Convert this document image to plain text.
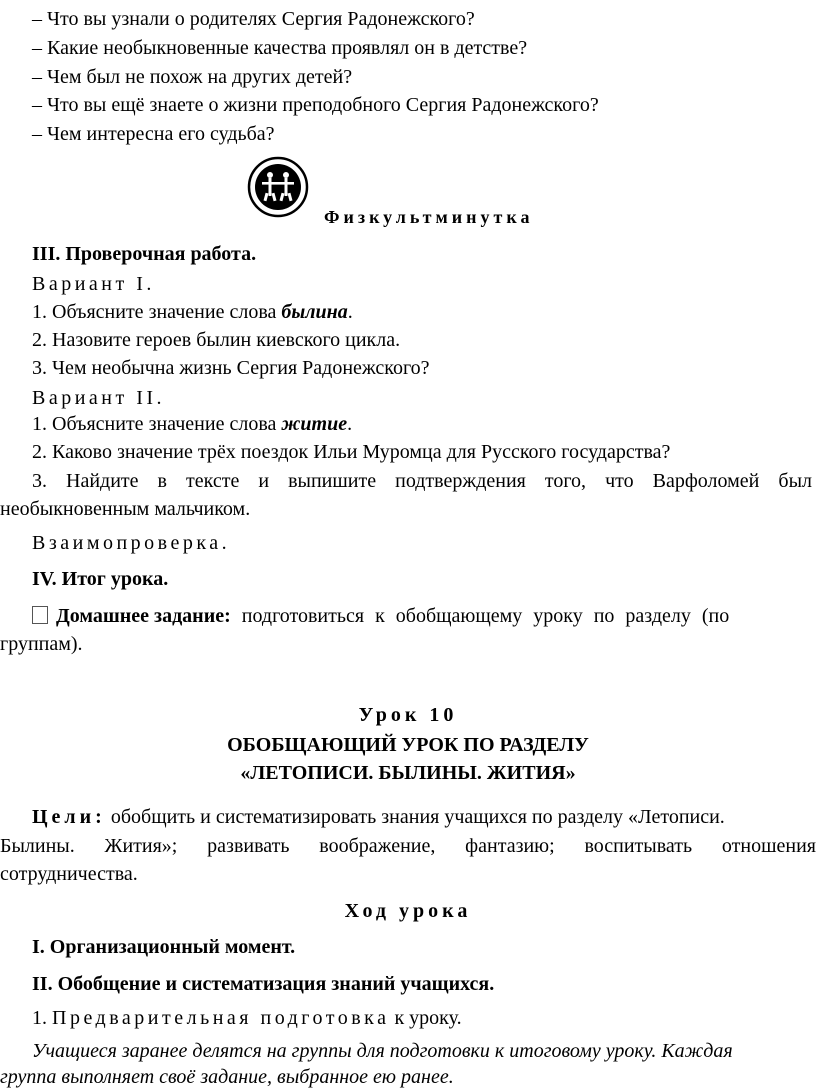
– Что вы узнали о родителях Сергия Радонежского?
– Какие необыкновенные качества проявлял он в детстве?
– Чем был не похож на других детей?
– Что вы ещё знаете о жизни преподобного Сергия Радонежского?
– Чем интересна его судьба?
Физкультминутка
III. Проверочная работа.
Вариант I.
1. Объясните значение слова былина.
2. Назовите героев былин киевского цикла.
3. Чем необычна жизнь Сергия Радонежского?
Вариант II.
1. Объясните значение слова житие.
2. Каково значение трёх поездок Ильи Муромца для Русского государства?
3. Найдите в тексте и выпишите подтверждения того, что Варфоломей был
необыкновенным мальчиком.
Взаимопроверка.
IV. Итог урока.
Домашнее задание: подготовиться к обобщающему уроку по разделу (по
группам).
Урок 10
ОБОБЩАЮЩИЙ УРОК ПО РАЗДЕЛУ
«ЛЕТОПИСИ. БЫЛИНЫ. ЖИТИЯ»
Цели: обобщить и систематизировать знания учащихся по разделу «Летописи.
Былины. Жития»; развивать воображение, фантазию; воспитывать отношения
сотрудничества.
Ход урока
I. Организационный момент.
II. Обобщение и систематизация знаний учащихся.
1. Предварительная подготовка к уроку.
Учащиеся заранее делятся на группы для подготовки к итоговому уроку. Каждая
группа выполняет своё задание, выбранное ею ранее.
